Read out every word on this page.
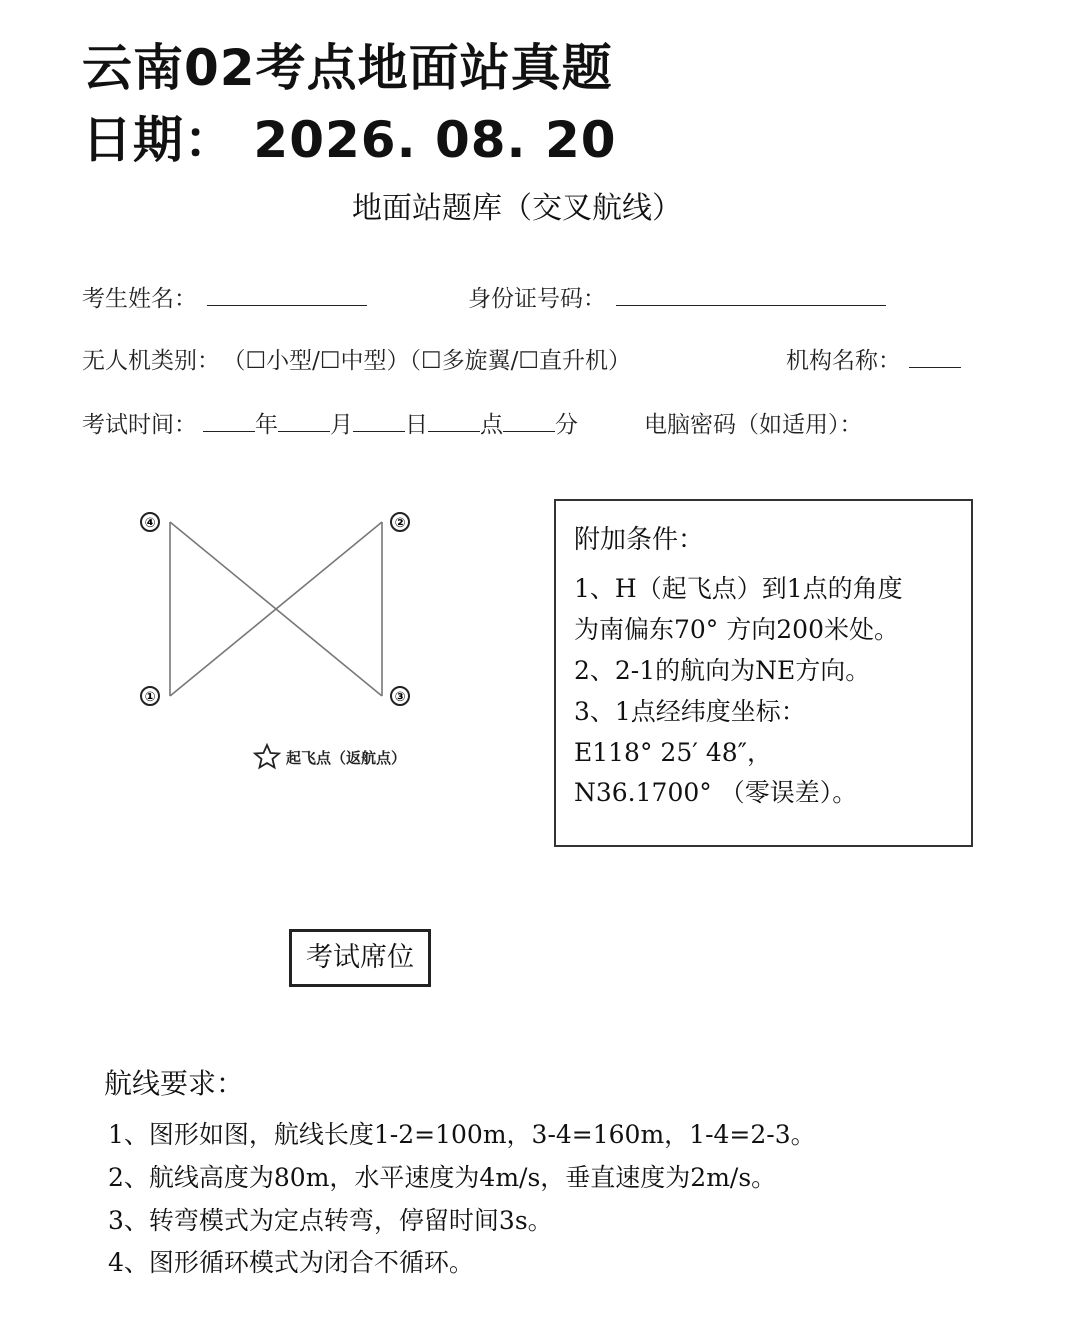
云南02考点地面站真题
日期： 2026. 08. 20
地面站题库（交叉航线）
考生姓名：	身份证号码：
无人机类别： （☐小型/☐中型）（☐多旋翼/☐直升机）	机构名称：
考试时间：	年 月 日 点 分	电脑密码（如适用）：
④	②
①	③
起飞点（返航点）
附加条件：
1、H（起飞点）到1点的角度
为南偏东70° 方向200米处。
2、2-1的航向为NE方向。
3、1点经纬度坐标：
E118° 25′ 48″，
N36.1700° （零误差）。
考试席位
航线要求：
1、图形如图，航线长度1-2=100m，3-4=160m，1-4=2-3。
2、航线高度为80m，水平速度为4m/s，垂直速度为2m/s。
3、转弯模式为定点转弯，停留时间3s。
4、图形循环模式为闭合不循环。
